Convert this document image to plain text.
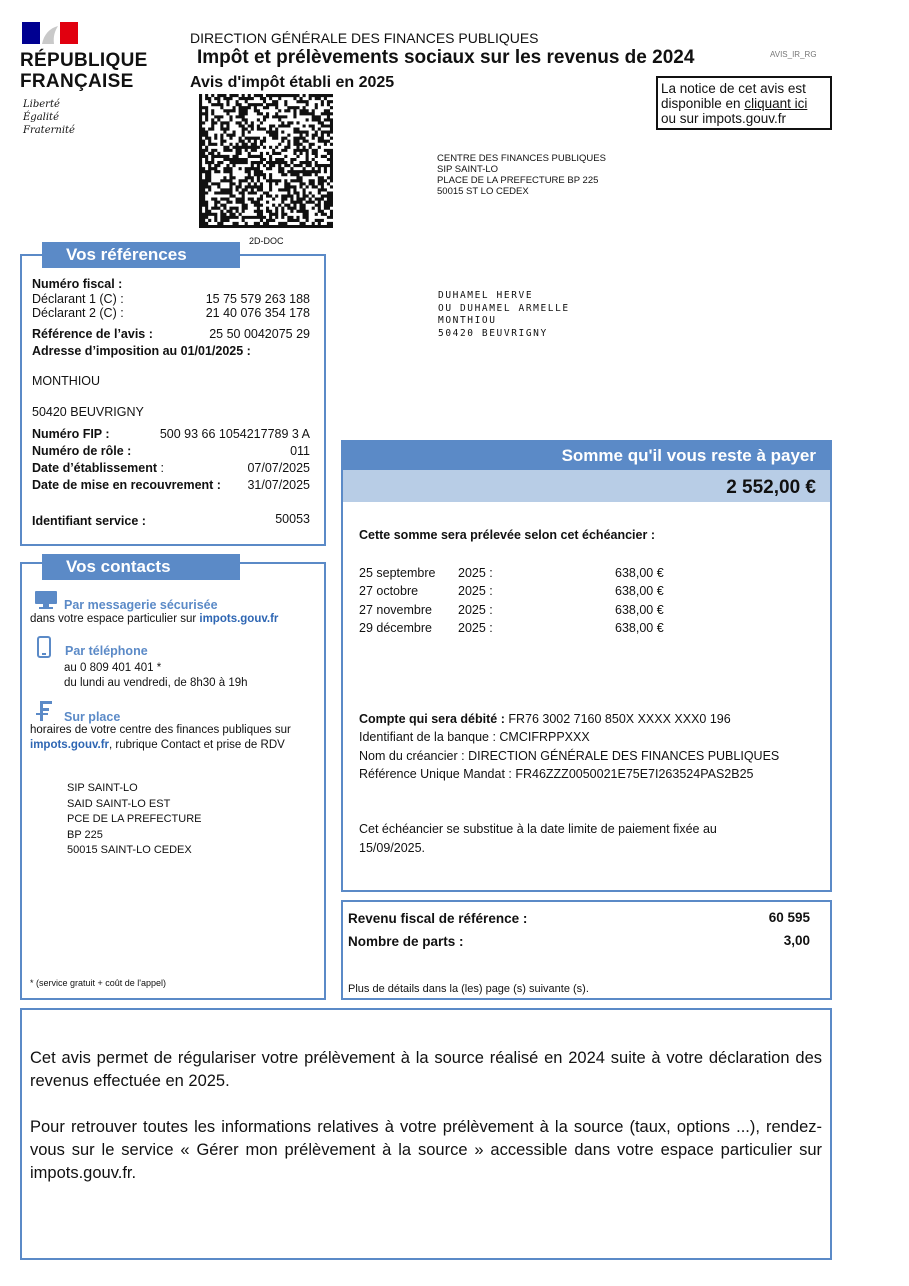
RÉPUBLIQUE
FRANÇAISE
Liberté
Égalité
Fraternité
DIRECTION GÉNÉRALE DES FINANCES PUBLIQUES
Impôt et prélèvements sociaux sur les revenus de 2024	AVIS_IR_RG
Avis d'impôt établi en 2025	La notice de cet avis est
disponible en cliquant ici
ou sur impots.gouv.fr
2D-DOC
CENTRE DES FINANCES PUBLIQUES
SIP SAINT-LO
PLACE DE LA PREFECTURE BP 225
50015 ST LO CEDEX
DUHAMEL HERVE
OU DUHAMEL ARMELLE
MONTHIOU
50420 BEUVRIGNY
Vos références
Numéro fiscal :
Déclarant 1 (C) :	15 75 579 263 188
Déclarant 2 (C) :	21 40 076 354 178
Référence de l’avis :	25 50 0042075 29
Adresse d’imposition au 01/01/2025 :
MONTHIOU
50420 BEUVRIGNY
Numéro FIP :	500 93 66 1054217789 3 A
Numéro de rôle :	011
Date d’établissement :	07/07/2025
Date de mise en recouvrement : 31/07/2025
Identifiant service :	50053
Vos contacts
Par messagerie sécurisée
dans votre espace particulier sur impots.gouv.fr
Par téléphone
au 0 809 401 401 *
du lundi au vendredi, de 8h30 à 19h
Sur place
horaires de votre centre des finances publiques sur
impots.gouv.fr, rubrique Contact et prise de RDV
SIP SAINT-LO
SAID SAINT-LO EST
PCE DE LA PREFECTURE
BP 225
50015 SAINT-LO CEDEX
* (service gratuit + coût de l'appel)
Somme qu'il vous reste à payer
2 552,00 €
Cette somme sera prélevée selon cet échéancier :
25 septembre 2025 :	638,00 €
27 octobre	2025 :	638,00 €
27 novembre 2025 :	638,00 €
29 décembre 2025 :	638,00 €
Compte qui sera débité : FR76 3002 7160 850X XXXX XXX0 196
Identifiant de la banque : CMCIFRPPXXX
Nom du créancier : DIRECTION GÉNÉRALE DES FINANCES PUBLIQUES
Référence Unique Mandat : FR46ZZZ0050021E75E7I263524PAS2B25
Cet échéancier se substitue à la date limite de paiement fixée au
15/09/2025.
Revenu fiscal de référence :	60 595
Nombre de parts :	3,00
Plus de détails dans la (les) page (s) suivante (s).
Cet avis permet de régulariser votre prélèvement à la source réalisé en 2024 suite à votre déclaration des revenus effectuée en 2025.
Pour retrouver toutes les informations relatives à votre prélèvement à la source (taux, options ...), rendez-vous sur le service « Gérer mon prélèvement à la source » accessible dans votre espace particulier sur impots.gouv.fr.
